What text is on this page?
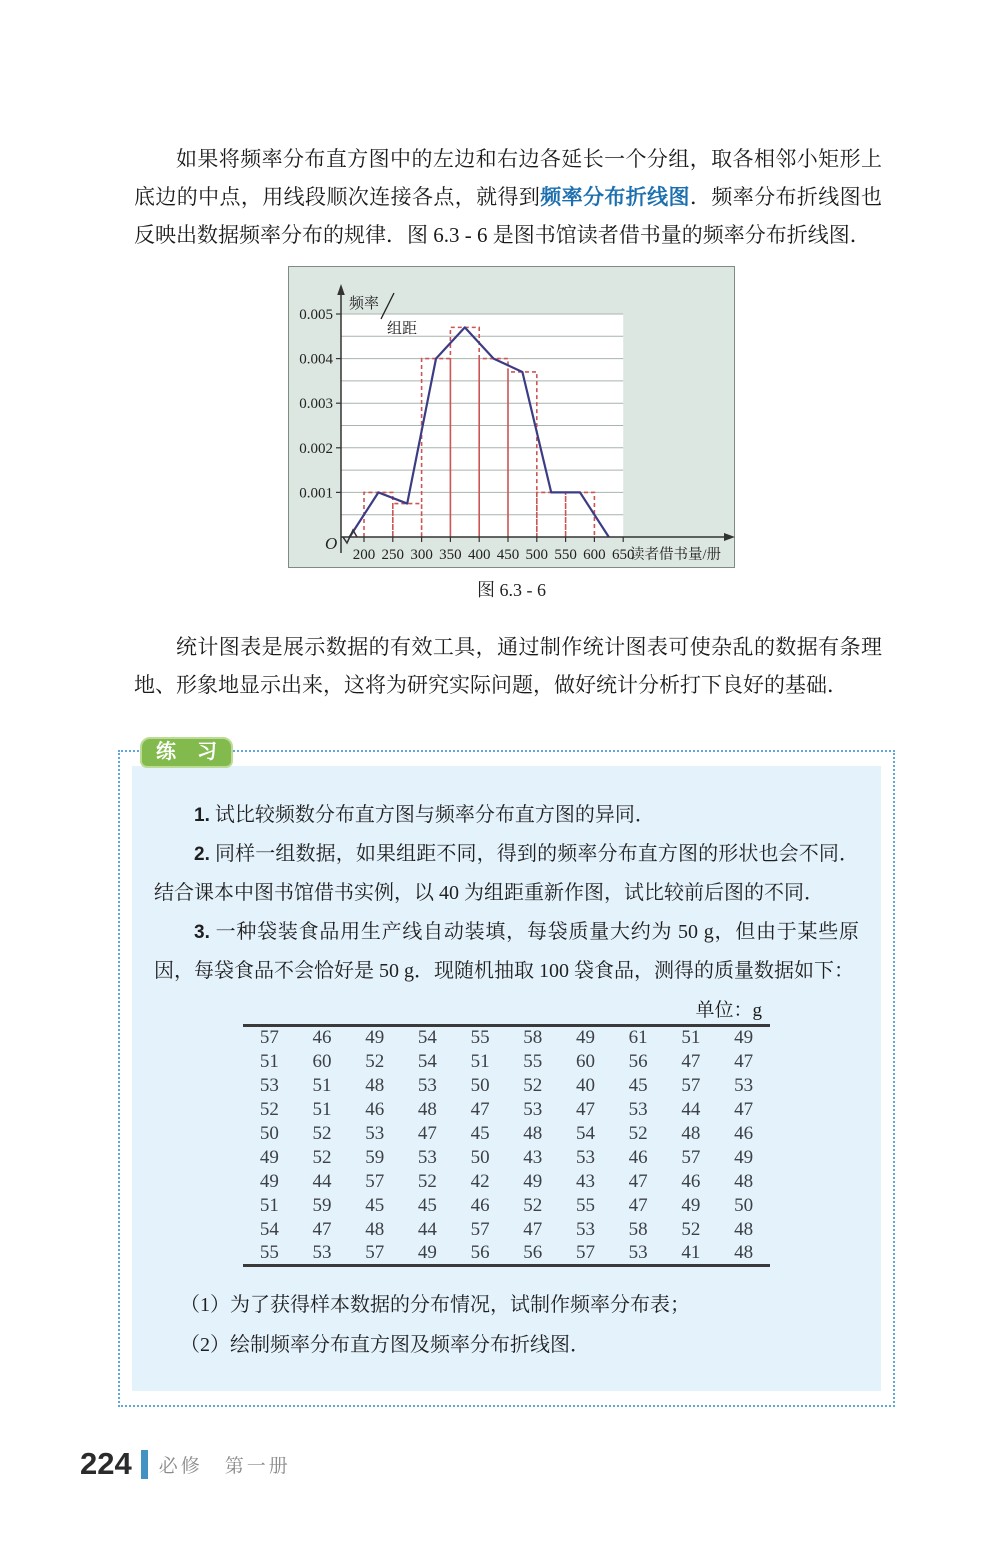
如果将频率分布直方图中的左边和右边各延长一个分组，取各相邻小矩形上底边的中点，用线段顺次连接各点，就得到频率分布折线图．频率分布折线图也反映出数据频率分布的规律．图 6.3 - 6 是图书馆读者借书量的频率分布折线图．

200 250 300 350 400 450 500 550 600 650
0.001
0.002
0.003
0.004
0.005
频率
组距
读者借书量/册
O
图 6.3 - 6

统计图表是展示数据的有效工具，通过制作统计图表可使杂乱的数据有条理地、形象地显示出来，这将为研究实际问题，做好统计分析打下良好的基础．

练 习

1. 试比较频数分布直方图与频率分布直方图的异同．

2. 同样一组数据，如果组距不同，得到的频率分布直方图的形状也会不同．结合课本中图书馆借书实例，以 40 为组距重新作图，试比较前后图的不同．

3. 一种袋装食品用生产线自动装填，每袋质量大约为 50 g，但由于某些原因，每袋食品不会恰好是 50 g．现随机抽取 100 袋食品，测得的质量数据如下：

单位：g
57	46	49	54	55	58	49	61	51	49
51	60	52	54	51	55	60	56	47	47
53	51	48	53	50	52	40	45	57	53
52	51	46	48	47	53	47	53	44	47
50	52	53	47	45	48	54	52	48	46
49	52	59	53	50	43	53	46	57	49
49	44	57	52	42	49	43	47	46	48
51	59	45	45	46	52	55	47	49	50
54	47	48	44	57	47	53	58	52	48
55	53	57	49	56	56	57	53	41	48

（1）为了获得样本数据的分布情况，试制作频率分布表；

（2）绘制频率分布直方图及频率分布折线图．

224 必修　第一册
